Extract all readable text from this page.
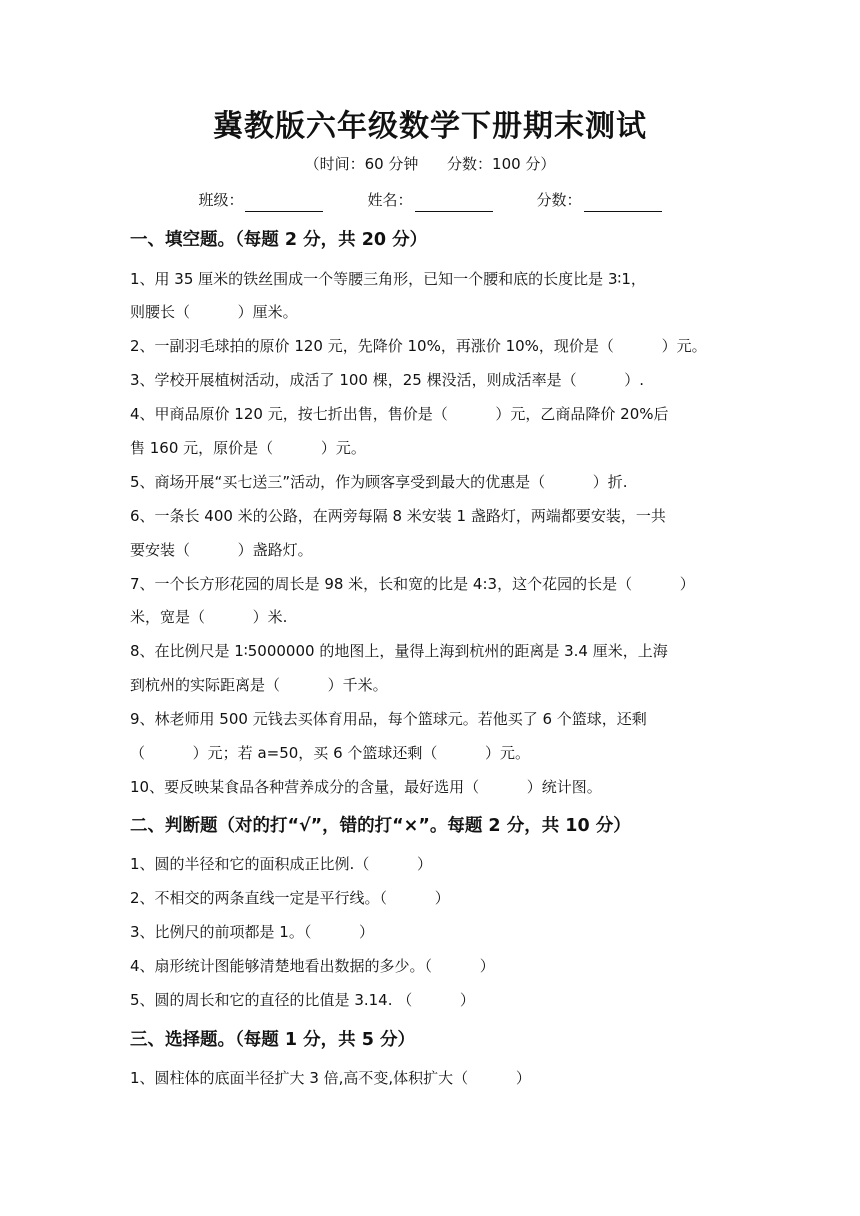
冀教版六年级数学下册期末测试
（时间：60 分钟      分数：100 分）
班级：	姓名：	分数：
一、填空题。（每题 2 分，共 20 分）
1、用 35 厘米的铁丝围成一个等腰三角形，已知一个腰和底的长度比是 3∶1，
则腰长（          ）厘米。
2、一副羽毛球拍的原价 120 元，先降价 10%，再涨价 10%，现价是（          ）元。
3、学校开展植树活动，成活了 100 棵，25 棵没活，则成活率是（          ）.
4、甲商品原价 120 元，按七折出售，售价是（          ）元，乙商品降价 20%后
售 160 元，原价是（          ）元。
5、商场开展“买七送三”活动，作为顾客享受到最大的优惠是（          ）折.
6、一条长 400 米的公路，在两旁每隔 8 米安装 1 盏路灯，两端都要安装，一共
要安装（          ）盏路灯。
7、一个长方形花园的周长是 98 米，长和宽的比是 4:3，这个花园的长是（          ）
米，宽是（          ）米.
8、在比例尺是 1∶5000000 的地图上，量得上海到杭州的距离是 3.4 厘米，上海
到杭州的实际距离是（          ）千米。
9、林老师用 500 元钱去买体育用品，每个篮球元。若他买了 6 个篮球，还剩
（          ）元；若 a=50，买 6 个篮球还剩（          ）元。
10、要反映某食品各种营养成分的含量，最好选用（          ）统计图。
二、判断题（对的打“√”，错的打“×”。每题 2 分，共 10 分）
1、圆的半径和它的面积成正比例.（          ）
2、不相交的两条直线一定是平行线。（          ）
3、比例尺的前项都是 1。（          ）
4、扇形统计图能够清楚地看出数据的多少。（          ）
5、圆的周长和它的直径的比值是 3.14. （          ）
三、选择题。（每题 1 分，共 5 分）
1、圆柱体的底面半径扩大 3 倍,高不变,体积扩大（          ）
